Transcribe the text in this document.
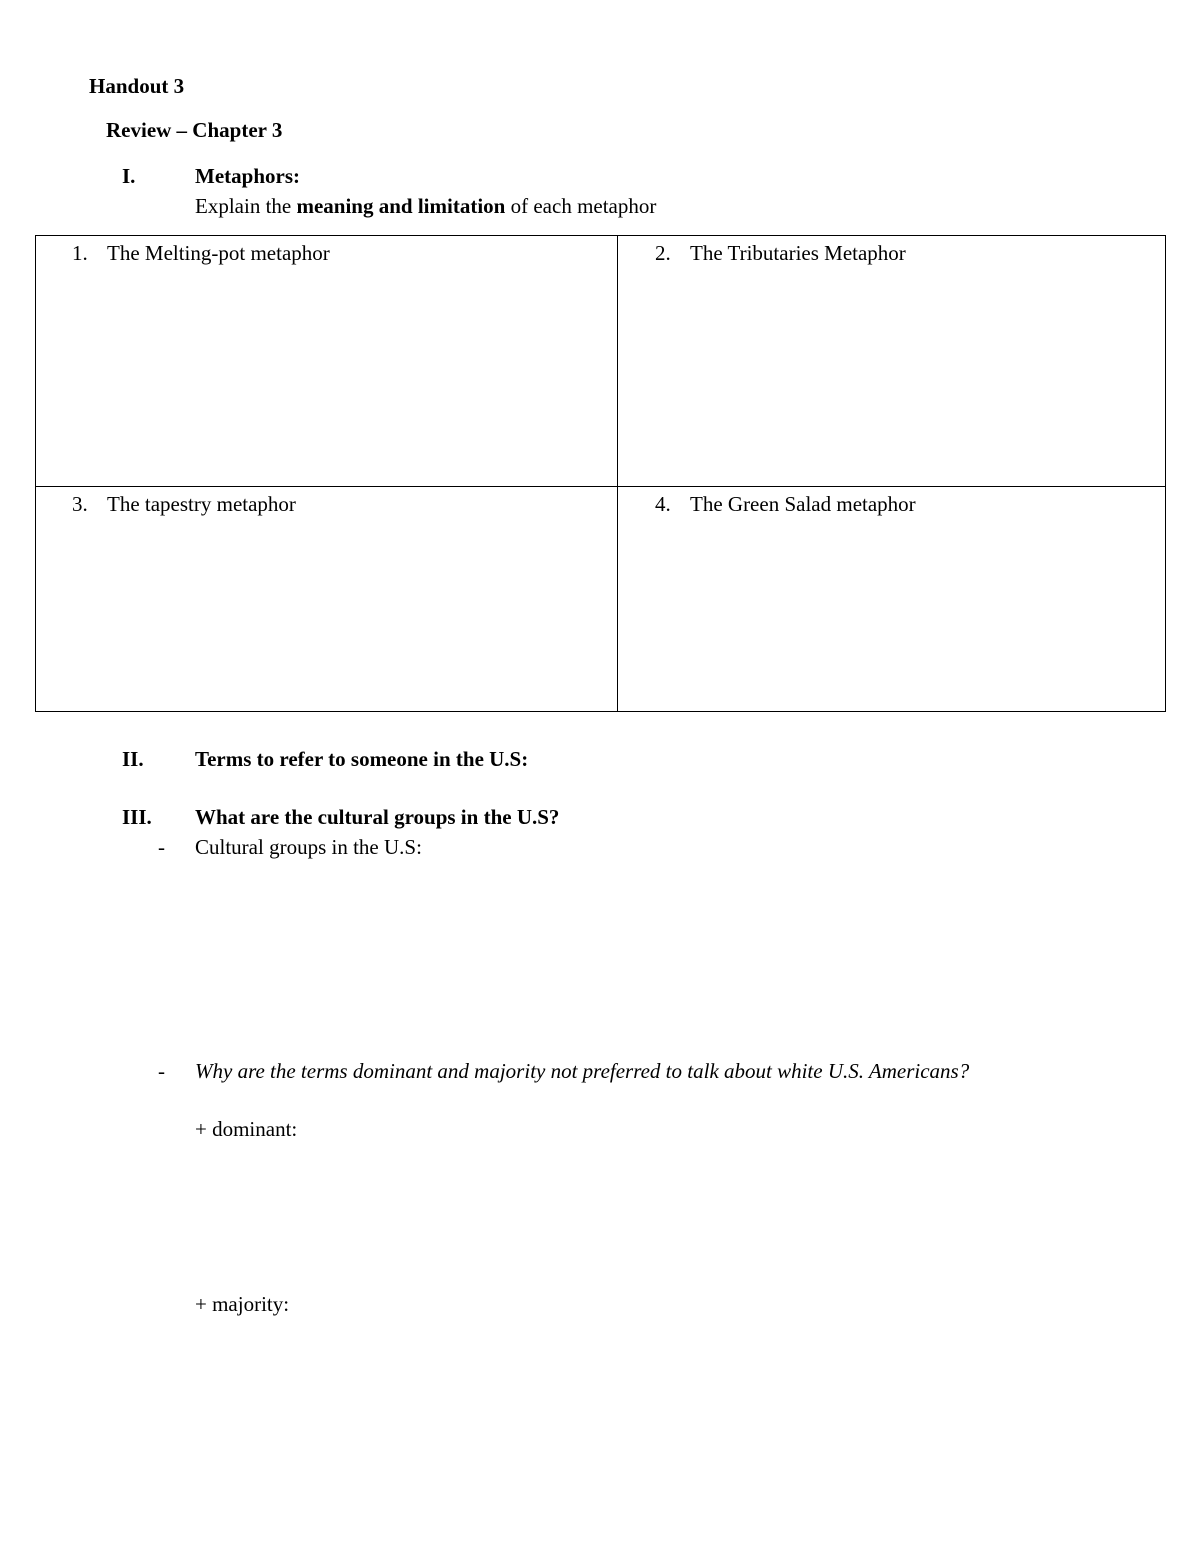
Handout 3
Review – Chapter 3
I.	Metaphors:
Explain the meaning and limitation of each metaphor
1. The Melting-pot metaphor	2. The Tributaries Metaphor
3. The tapestry metaphor	4. The Green Salad metaphor
II. Terms to refer to someone in the U.S:
III. What are the cultural groups in the U.S?
- Cultural groups in the U.S:
- Why are the terms dominant and majority not preferred to talk about white U.S. Americans?
+ dominant:
+ majority:
